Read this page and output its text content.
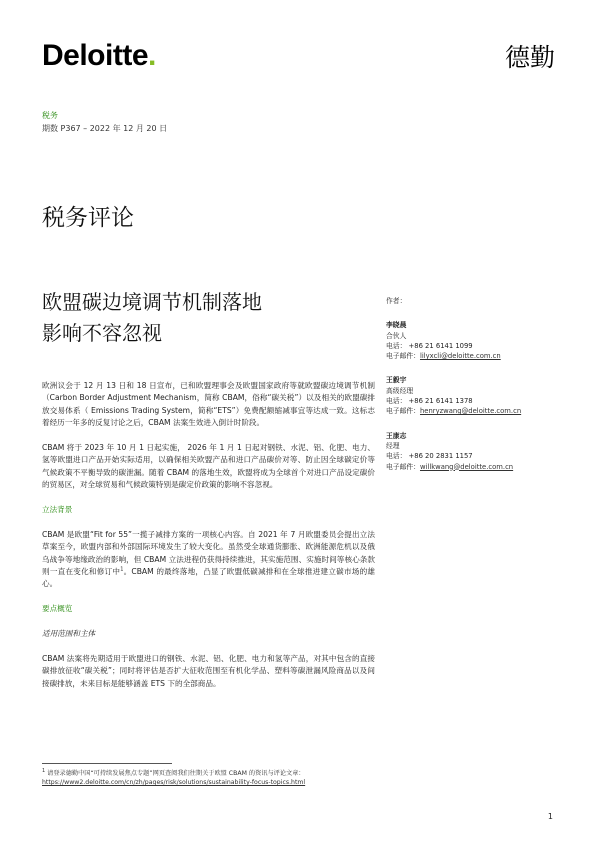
Deloitte.	德勤
税务
期数 P367 – 2022 年 12 月 20 日
税务评论
欧盟碳边境调节机制落地
影响不容忽视

欧洲议会于 12 月 13 日和 18 日宣布，已和欧盟理事会及欧盟国家政府等就欧盟碳边境调节机制（Carbon Border Adjustment Mechanism，简称 CBAM，俗称“碳关税”）以及相关的欧盟碳排放交易体系（ Emissions Trading System，简称“ETS”）免费配额缩减事宜等达成一致。这标志着经历一年多的反复讨论之后，CBAM 法案生效进入倒计时阶段。

CBAM 将于 2023 年 10 月 1 日起实施， 2026 年 1 月 1 日起对钢铁、水泥、铝、化肥、电力、氢等欧盟进口产品开始实际适用，以确保相关欧盟产品和进口产品碳价对等、防止因全球碳定价等气候政策不平衡导致的碳泄漏。随着 CBAM 的落地生效，欧盟将成为全球首个对进口产品设定碳价的贸易区，对全球贸易和气候政策特别是碳定价政策的影响不容忽视。

立法背景

CBAM 是欧盟“Fit for 55”一揽子减排方案的一项核心内容。自 2021 年 7 月欧盟委员会提出立法草案至今，欧盟内部和外部国际环境发生了较大变化。虽然受全球通货膨胀、欧洲能源危机以及俄乌战争等地缘政治的影响，但 CBAM 立法进程仍获得持续推进，其实施范围、实施时间等核心条款则一直在变化和修订中$^1$。CBAM 的最终落地，凸显了欧盟低碳减排和在全球推进建立碳市场的雄心。

要点概览

适用范围和主体

CBAM 法案将先期适用于欧盟进口的钢铁、水泥、铝、化肥、电力和氢等产品，对其中包含的直接碳排放征收“碳关税”；同时将评估是否扩大征收范围至有机化学品、塑料等碳泄漏风险商品以及间接碳排放，未来目标是能够涵盖 ETS 下的全部商品。

$^1$ 请登录德勤中国“可持续发展焦点专题”网页查阅我们往期关于欧盟 CBAM 的资讯与评论文章：
https://www2.deloitte.com/cn/zh/pages/risk/solutions/sustainability-focus-topics.html
作者：
李晓晨
合伙人
电话： +86 21 6141 1099
电子邮件：lilyxcli@deloitte.com.cn
王毅宇
高级经理
电话： +86 21 6141 1378
电子邮件：henryzwang@deloitte.com.cn
王康志
经理
电话： +86 20 2831 1157
电子邮件：willkwang@deloitte.com.cn
1
